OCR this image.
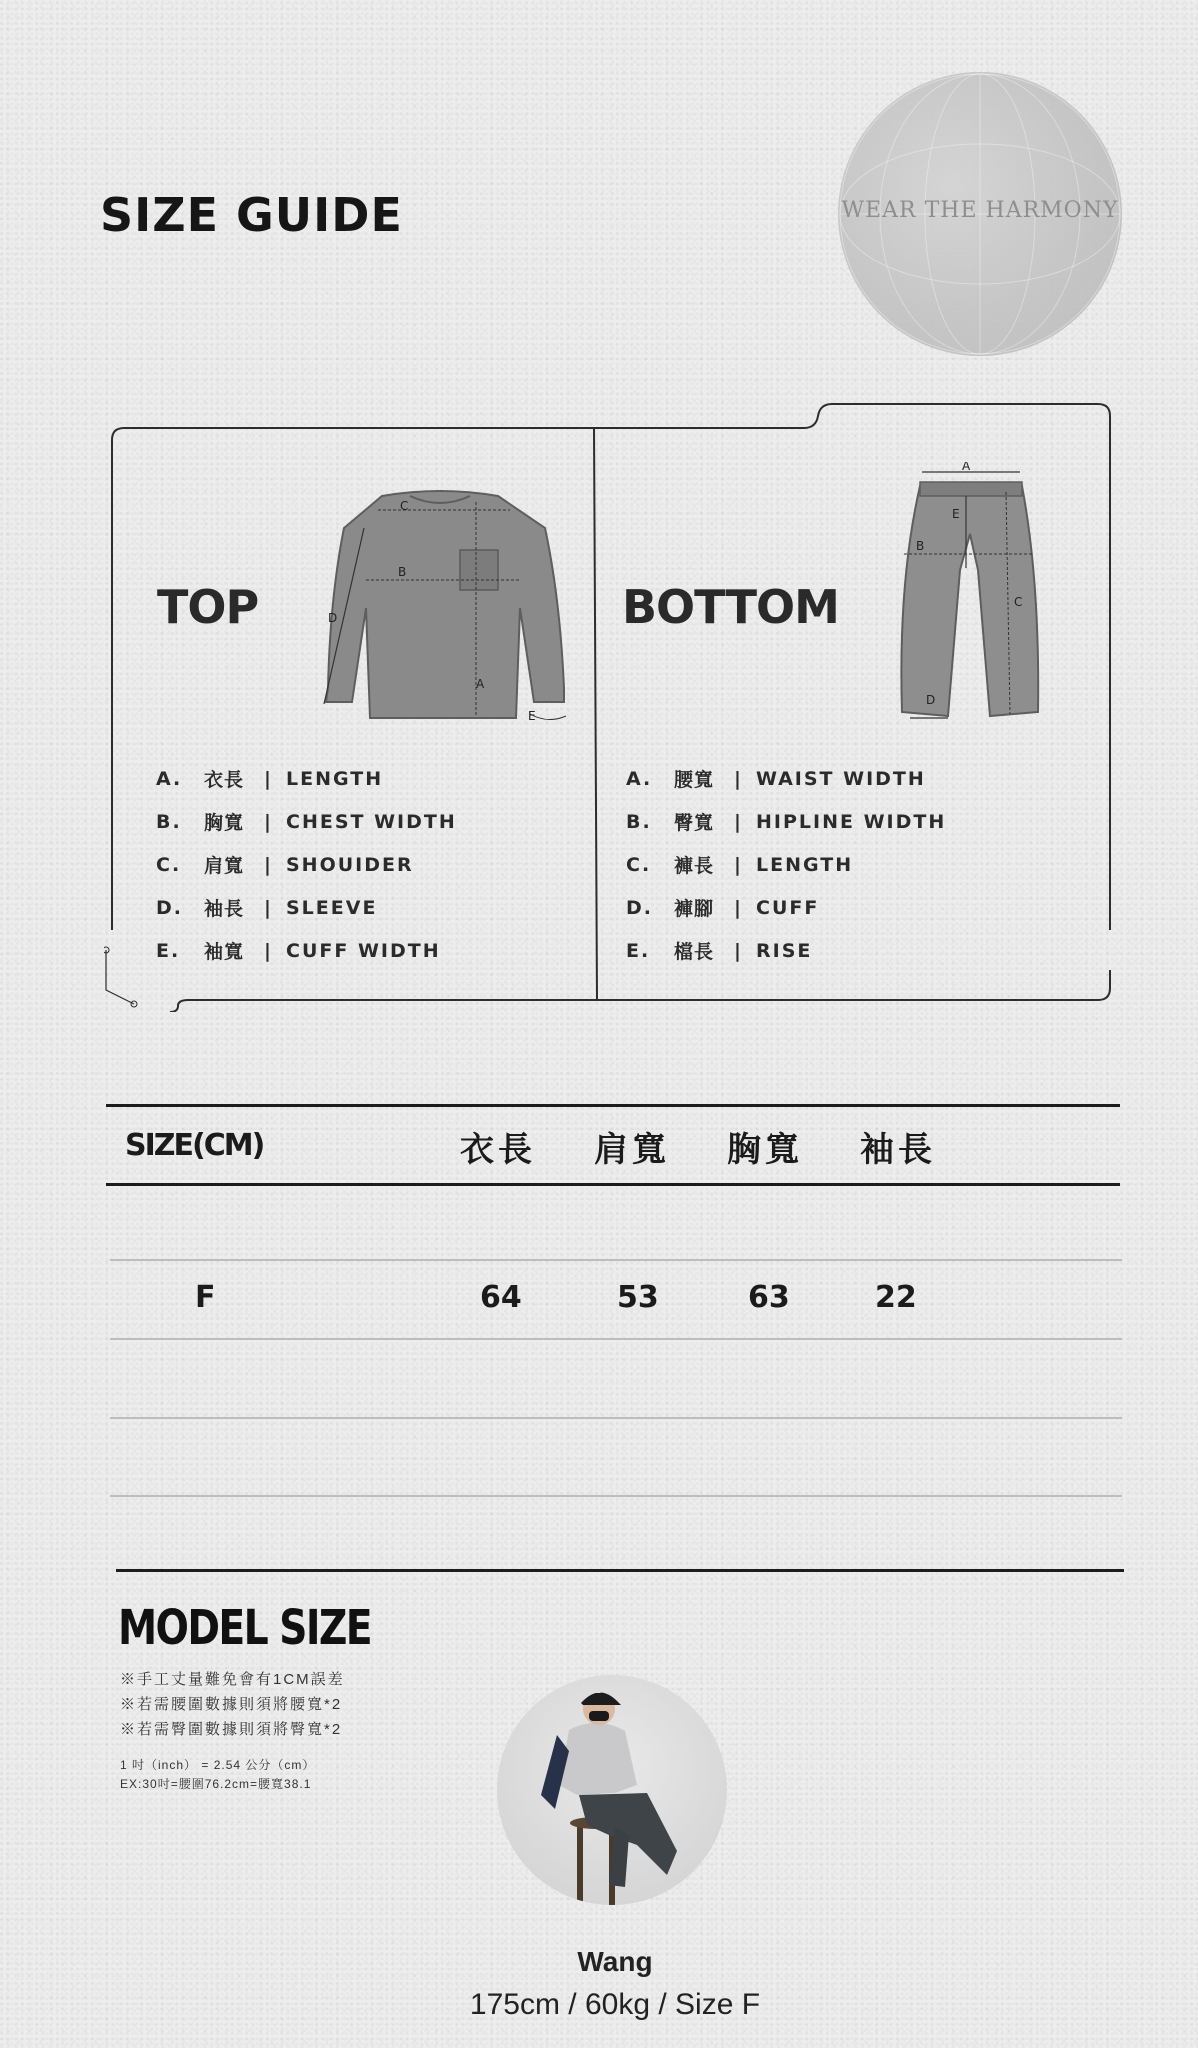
SIZE GUIDE	WEAR THE HARMONY
C
B
D
A
E
TOP
A
E
B
C
D
BOTTOM
A.	衣長	| LENGTH
B.	胸寬	| CHEST WIDTH
C.	肩寬	| SHOUIDER
D.	袖長	| SLEEVE
E.	袖寬	| CUFF WIDTH
A.	腰寬	| WAIST WIDTH
B.	臀寬	| HIPLINE WIDTH
C.	褲長	| LENGTH
D.	褲腳	| CUFF
E.	檔長	| RISE
SIZE(CM)	衣長 肩寬 胸寬 袖長
F	64	53	63	22
MODEL SIZE
※手工丈量難免會有1CM誤差
※若需腰圍數據則須將腰寬*2
※若需臀圍數據則須將臀寬*2
1 吋（inch） = 2.54 公分（cm）
EX:30吋=腰圍76.2cm=腰寬38.1
Wang
175cm / 60kg / Size F
